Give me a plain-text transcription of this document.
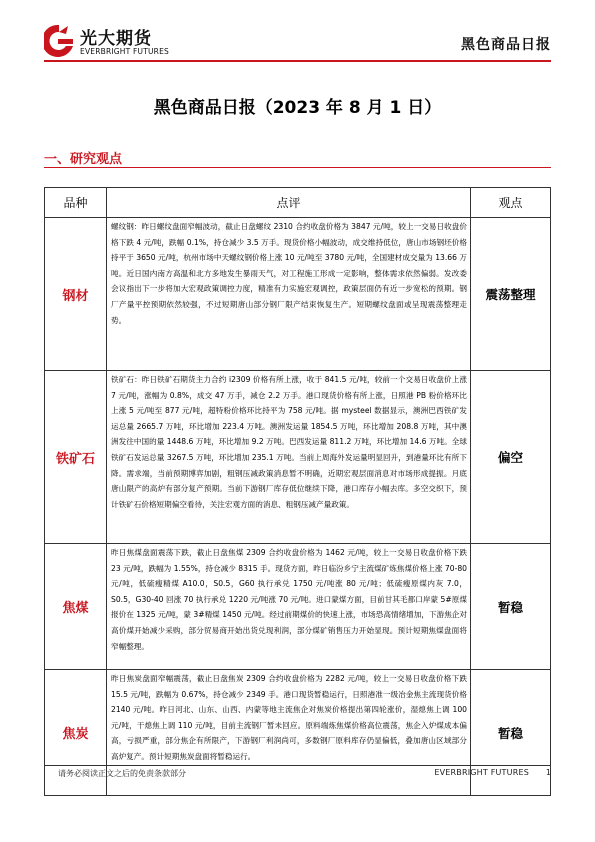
光大期货
EVERBRIGHT FUTURES	黑色商品日报
黑色商品日报（2023 年 8 月 1 日）
一、研究观点
品种	点评	观点
钢材	螺纹钢：昨日螺纹盘面窄幅波动，截止日盘螺纹 2310 合约收盘价格为 3847 元/吨，较上一交易日收盘价格下跌 4 元/吨，跌幅 0.1%，持仓减少 3.5 万手。现货价格小幅波动，成交维持低位，唐山市场钢坯价格持平于 3650 元/吨，杭州市场中天螺纹钢价格上涨 10 元/吨至 3780 元/吨，全国建材成交量为 13.66 万吨。近日国内南方高温和北方多地发生暴雨天气，对工程施工形成一定影响，整体需求依然偏弱。发改委会议指出下一步将加大宏观政策调控力度，精准有力实施宏观调控，政策层面仍有近一步宽松的预期。钢厂产量平控预期依然较强，不过短期唐山部分钢厂限产结束恢复生产。短期螺纹盘面或呈现震荡整理走势。	震荡整理
铁矿石	铁矿石：昨日铁矿石期货主力合约 i2309 价格有所上涨，收于 841.5 元/吨，较前一个交易日收盘价上涨 7 元/吨，涨幅为 0.8%，成交 47 万手，减仓 2.2 万手。港口现货价格有所上涨，日照港 PB 粉价格环比上涨 5 元/吨至 877 元/吨，超特粉价格环比持平为 758 元/吨。据 mysteel 数据显示，澳洲巴西铁矿发运总量 2665.7 万吨，环比增加 223.4 万吨。澳洲发运量 1854.5 万吨，环比增加 208.8 万吨，其中澳洲发往中国的量 1448.6 万吨，环比增加 9.2 万吨。巴西发运量 811.2 万吨，环比增加 14.6 万吨。全球铁矿石发运总量 3267.5 万吨，环比增加 235.1 万吨。当前上周海外发运量明显回升，到港量环比有所下降。需求端，当前预期博弈加剧，粗钢压减政策消息暂不明确，近期宏观层面消息对市场形成提振。月底唐山限产的高炉有部分复产预期。当前下游钢厂库存低位继续下降，港口库存小幅去库。多空交织下，预计铁矿石价格短期偏空看待，关注宏观方面的消息、粗钢压减产量政策。	偏空
焦煤	昨日焦煤盘面震荡下跌，截止日盘焦煤 2309 合约收盘价格为 1462 元/吨，较上一交易日收盘价格下跌 23 元/吨，跌幅为 1.55%，持仓减少 8315 手。现货方面，昨日临汾乡宁主流煤矿炼焦煤价格上涨 70-80 元/吨，低硫瘦精煤 A10.0，S0.5，G60 执行承兑 1750 元/吨涨 80 元/吨；低硫瘦原煤内灰 7.0，S0.5，G30-40 回涨 70 执行承兑 1220 元/吨涨 70 元/吨。进口蒙煤方面，目前甘其毛都口岸蒙 5#原煤报价在 1325 元/吨，蒙 3#精煤 1450 元/吨。经过前期煤价的快速上涨，市场恐高情绪增加，下游焦企对高价煤开始减少采购，部分贸易商开始出货兑现利润，部分煤矿销售压力开始显现。预计短期焦煤盘面将窄幅整理。	暂稳
焦炭	昨日焦炭盘面窄幅震荡，截止日盘焦炭 2309 合约收盘价格为 2282 元/吨，较上一交易日收盘价格下跌 15.5 元/吨，跌幅为 0.67%，持仓减少 2349 手。港口现货暂稳运行，日照港准一级冶金焦主流现货价格 2140 元/吨。昨日河北、山东、山西、内蒙等地主流焦企对焦炭价格提出第四轮涨价，湿熄焦上调 100 元/吨，干熄焦上调 110 元/吨，目前主流钢厂暂未回应。原料端炼焦煤价格高位震荡，焦企入炉煤成本偏高，亏损严重，部分焦企有所限产，下游钢厂利润尚可，多数钢厂原料库存仍显偏低，叠加唐山区域部分高炉复产。预计短期焦炭盘面将暂稳运行。	暂稳
请务必阅读正文之后的免责条款部分	EVERBRIGHT FUTURES 1
